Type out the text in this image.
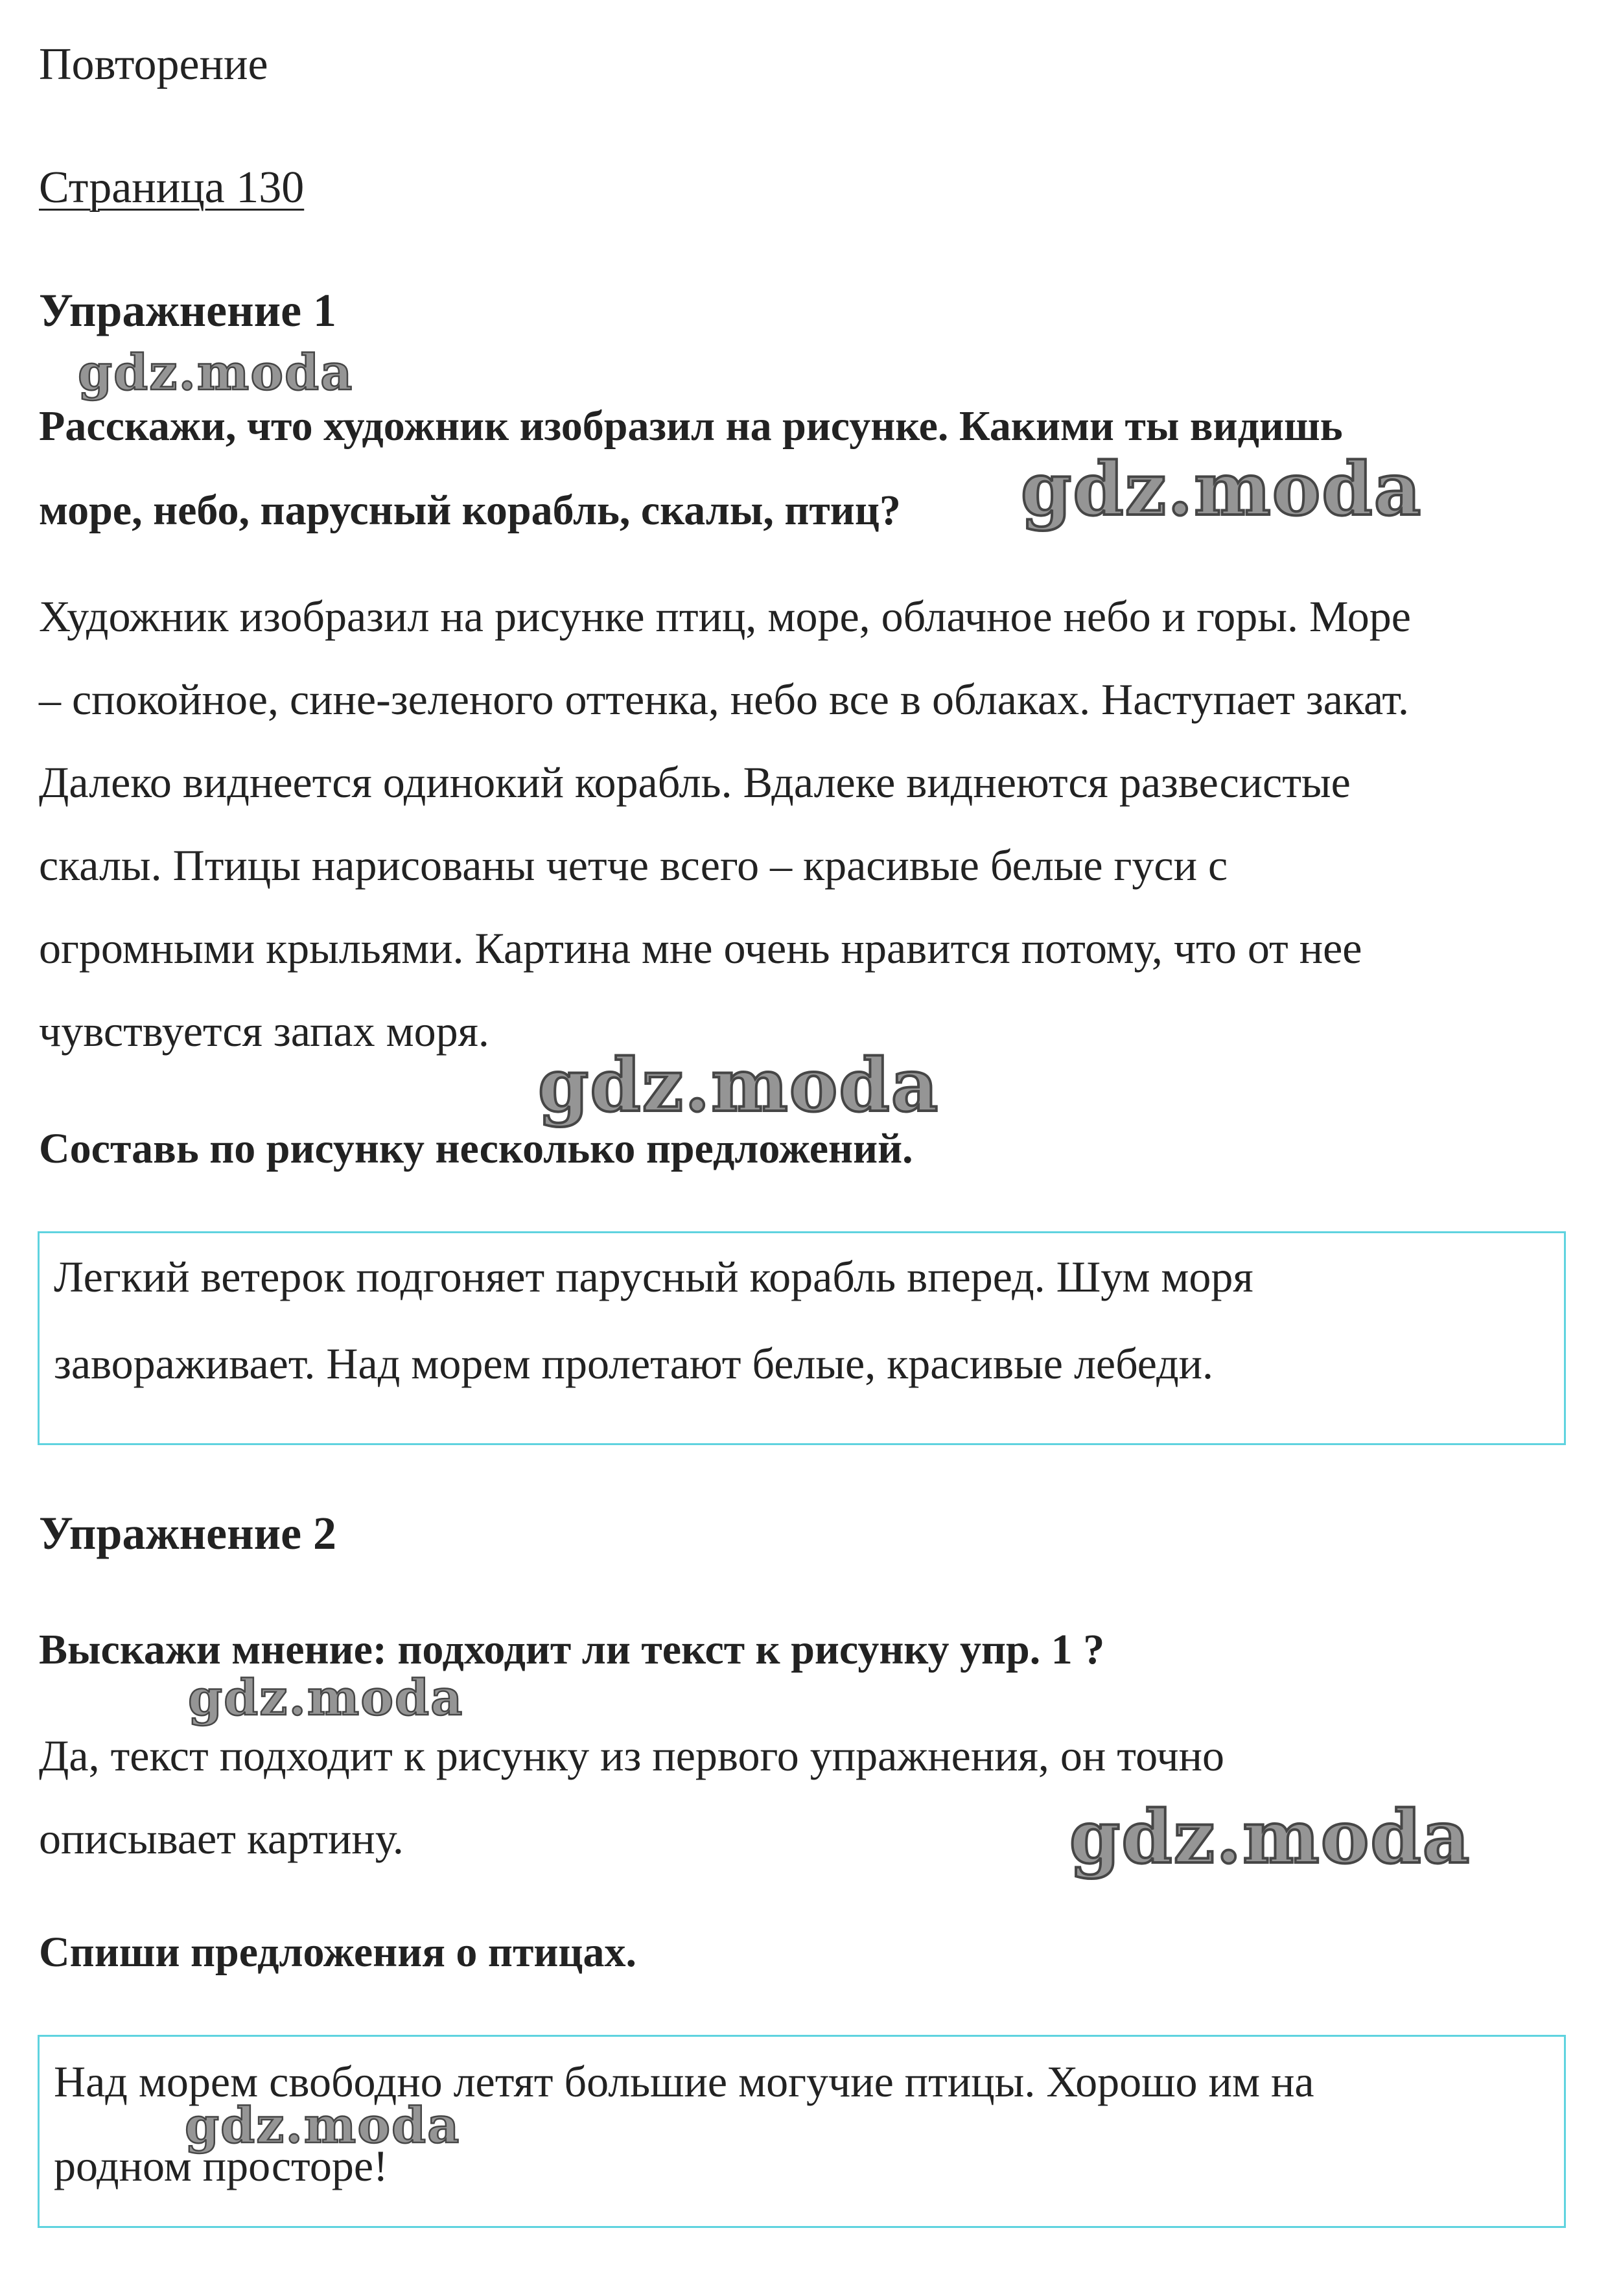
Повторение
Страница 130
Упражнение 1
Расскажи, что художник изобразил на рисунке. Какими ты видишь
море, небо, парусный корабль, скалы, птиц?
Художник изобразил на рисунке птиц, море, облачное небо и горы. Море
– спокойное, сине-зеленого оттенка, небо все в облаках. Наступает закат.
Далеко виднеется одинокий корабль. Вдалеке виднеются развесистые
скалы. Птицы нарисованы четче всего – красивые белые гуси с
огромными крыльями. Картина мне очень нравится потому, что от нее
чувствуется запах моря.
Составь по рисунку несколько предложений.
Легкий ветерок подгоняет парусный корабль вперед. Шум моря
завораживает. Над морем пролетают белые, красивые лебеди.
Упражнение 2
Выскажи мнение: подходит ли текст к рисунку упр. 1 ?
Да, текст подходит к рисунку из первого упражнения, он точно
описывает картину.
Спиши предложения о птицах.
Над морем свободно летят большие могучие птицы. Хорошо им на
родном просторе!
gdz.moda
gdz.moda
gdz.moda
gdz.moda
gdz.moda
gdz.moda
